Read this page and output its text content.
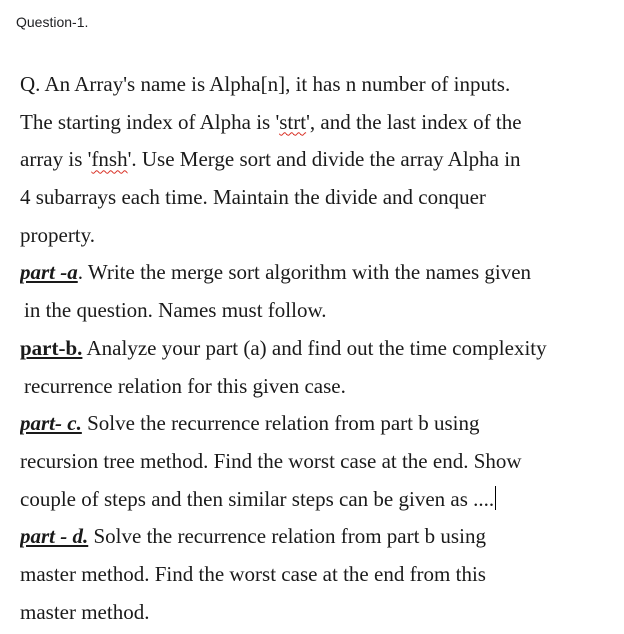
Question-1.
Q. An Array's name is Alpha[n], it has n number of inputs.
The starting index of Alpha is 'strt', and the last index of the
array is 'fnsh'. Use Merge sort and divide the array Alpha in
4 subarrays each time. Maintain the divide and conquer
property.
part -a. Write the merge sort algorithm with the names given
in the question. Names must follow.
part-b. Analyze your part (a) and find out the time complexity
recurrence relation for this given case.
part- c. Solve the recurrence relation from part b using
recursion tree method. Find the worst case at the end. Show
couple of steps and then similar steps can be given as ....
part - d. Solve the recurrence relation from part b using
master method. Find the worst case at the end from this
master method.
